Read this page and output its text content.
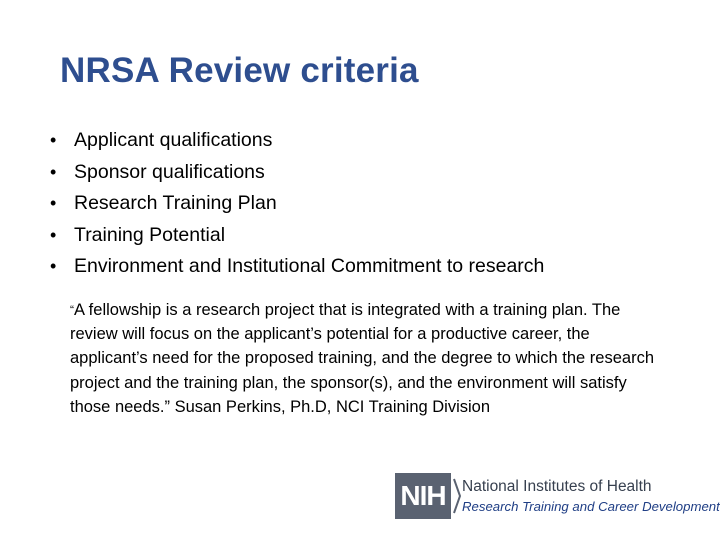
NRSA Review criteria
• Applicant qualifications
• Sponsor qualifications
• Research Training Plan
• Training Potential
• Environment and Institutional Commitment to research

“A fellowship is a research project that is integrated with a training plan. The review will focus on the applicant’s potential for a productive career, the applicant’s need for the proposed training, and the degree to which the research project and the training plan, the sponsor(s), and the environment will satisfy those needs.” Susan Perkins, Ph.D, NCI Training Division

NIH	National Institutes of Health
Research Training and Career Development
